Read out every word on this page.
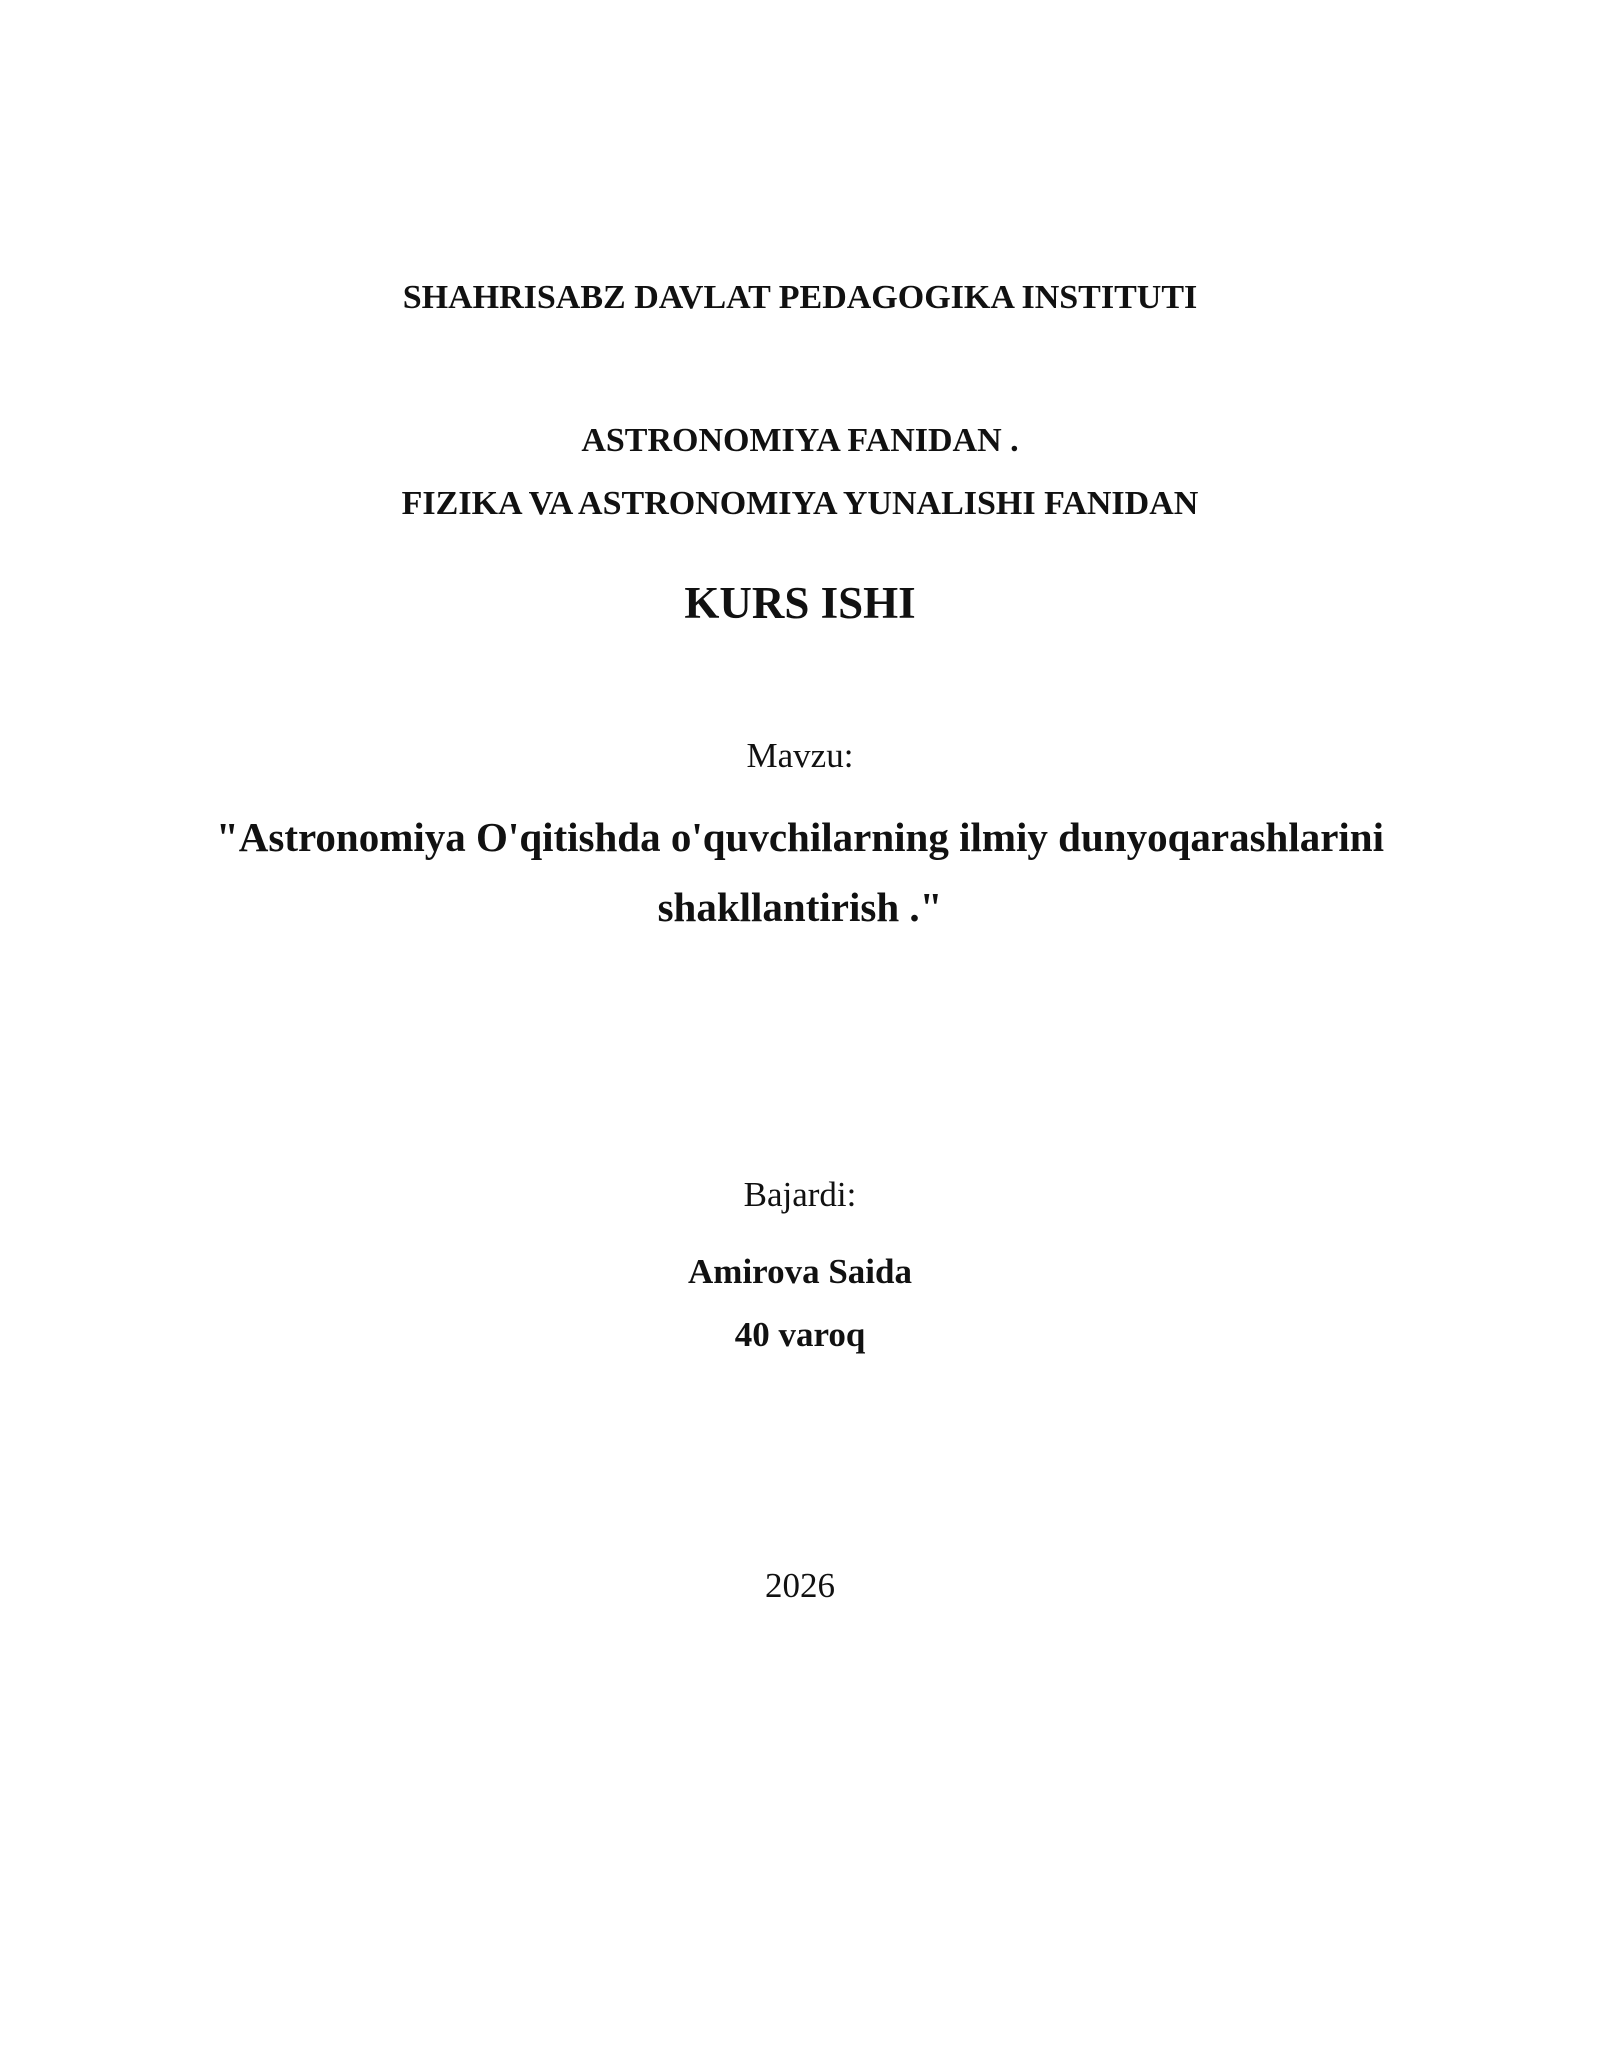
SHAHRISABZ DAVLAT PEDAGOGIKA INSTITUTI
ASTRONOMIYA FANIDAN .
FIZIKA VA ASTRONOMIYA YUNALISHI FANIDAN
KURS ISHI
Mavzu:
"Astronomiya O'qitishda o'quvchilarning ilmiy dunyoqarashlarini
shakllantirish ."
Bajardi:
Amirova Saida
40 varoq
2026
